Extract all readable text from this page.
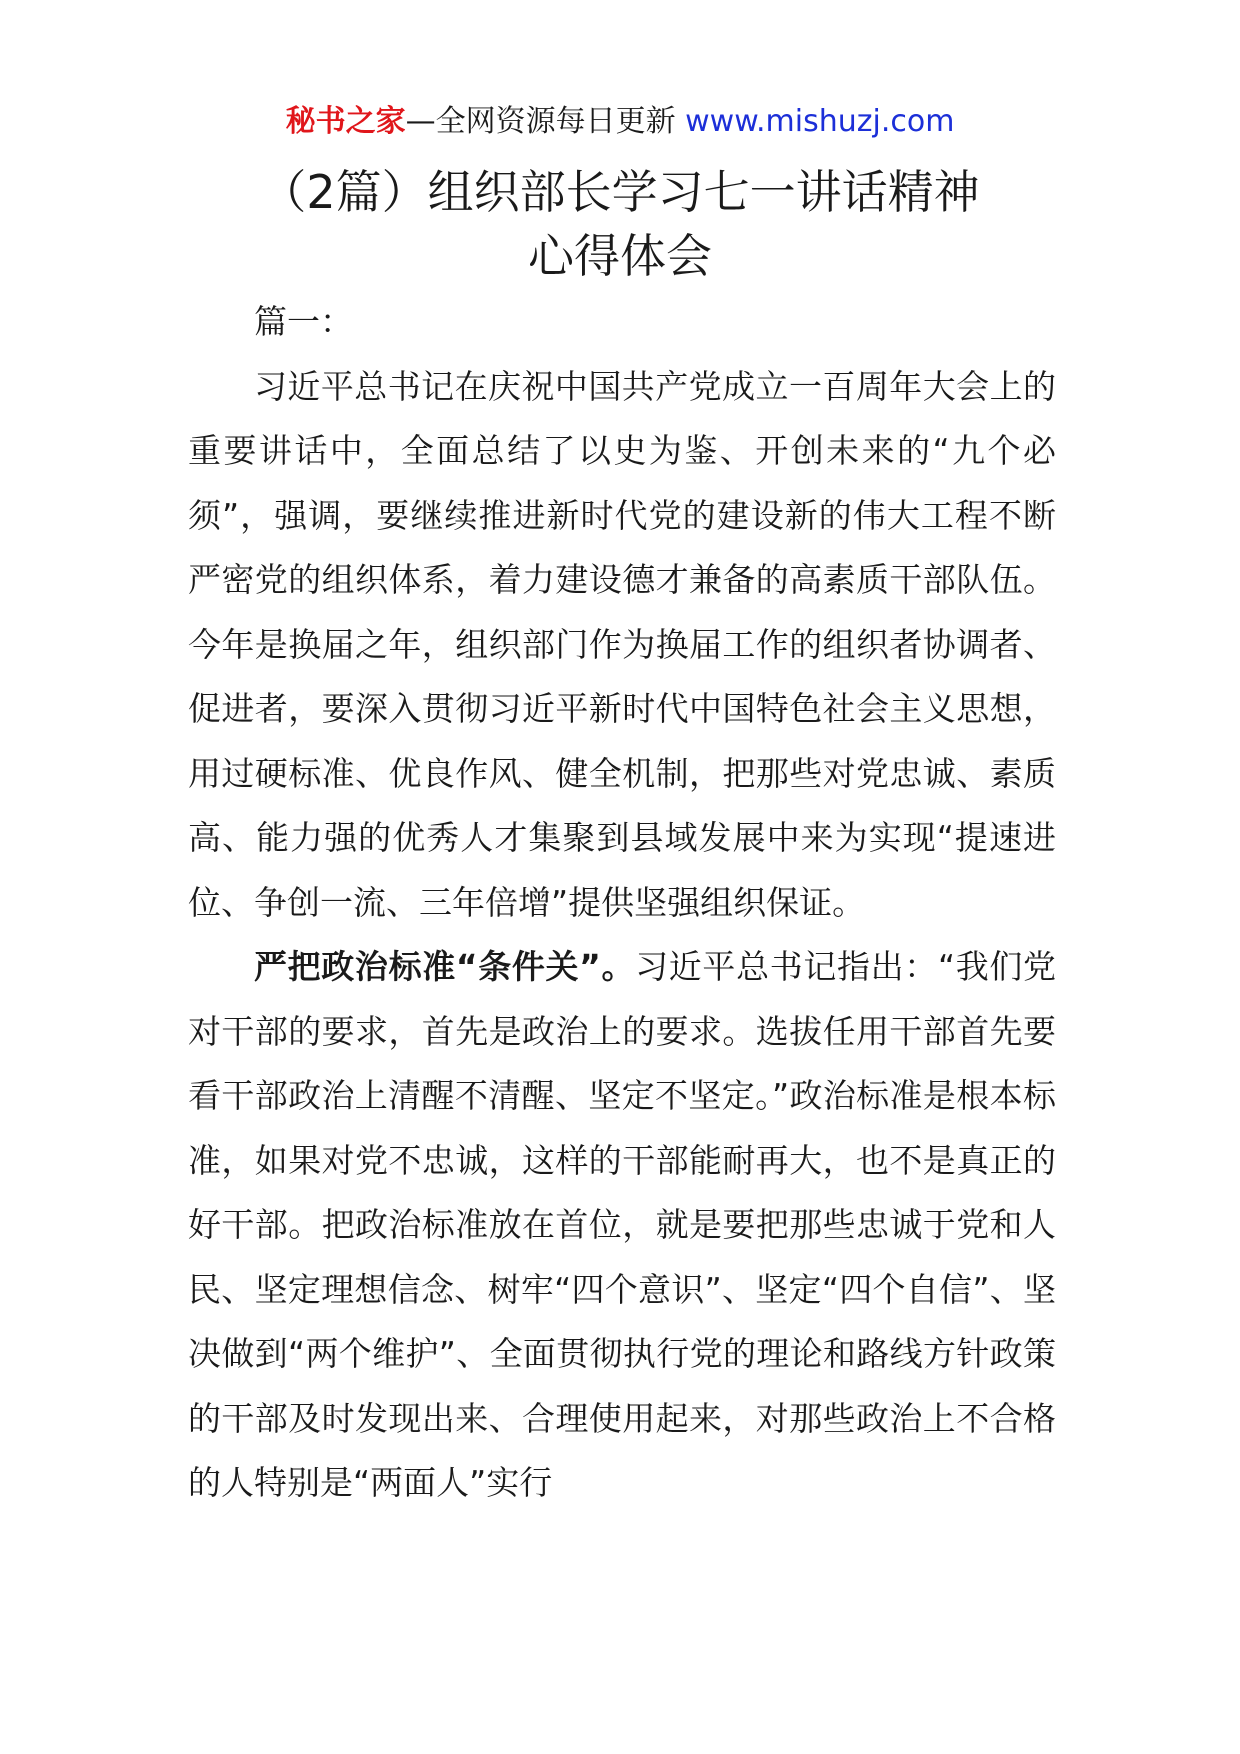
秘书之家—全网资源每日更新 www.mishuzj.com
（2篇）组织部长学习七一讲话精神
心得体会

篇一：

习近平总书记在庆祝中国共产党成立一百周年大会上的重要讲话中，全面总结了以史为鉴、开创未来的“九个必须”，强调，要继续推进新时代党的建设新的伟大工程不断严密党的组织体系，着力建设德才兼备的高素质干部队伍。今年是换届之年，组织部门作为换届工作的组织者协调者、促进者，要深入贯彻习近平新时代中国特色社会主义思想，用过硬标准、优良作风、健全机制，把那些对党忠诚、素质高、能力强的优秀人才集聚到县域发展中来为实现“提速进位、争创一流、三年倍增”提供坚强组织保证。

严把政治标准“条件关”。习近平总书记指出：“我们党对干部的要求，首先是政治上的要求。选拔任用干部首先要看干部政治上清醒不清醒、坚定不坚定。”政治标准是根本标准，如果对党不忠诚，这样的干部能耐再大，也不是真正的好干部。把政治标准放在首位，就是要把那些忠诚于党和人民、坚定理想信念、树牢“四个意识”、坚定“四个自信”、坚决做到“两个维护”、全面贯彻执行党的理论和路线方针政策的干部及时发现出来、合理使用起来，对那些政治上不合格的人特别是“两面人”实行
